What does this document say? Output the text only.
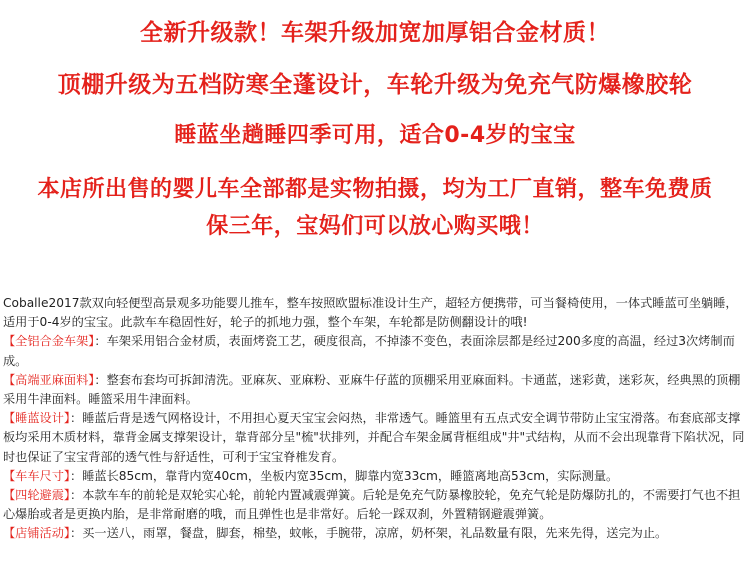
全新升级款！车架升级加宽加厚铝合金材质！
顶棚升级为五档防寒全蓬设计，车轮升级为免充气防爆橡胶轮
睡蓝坐趟睡四季可用，适合0-4岁的宝宝
本店所出售的婴儿车全部都是实物拍摄，均为工厂直销，整车免费质
保三年，宝妈们可以放心购买哦！

Coballe2017款双向轻便型高景观多功能婴儿推车，整车按照欧盟标准设计生产，超轻方便携带，可当餐椅使用，一体式睡蓝可坐躺睡，适用于0-4岁的宝宝。此款车车稳固性好，轮子的抓地力强，整个车架，车轮都是防侧翻设计的哦!

【全铝合金车架】：车架采用铝合金材质，表面烤瓷工艺，硬度很高，不掉漆不变色，表面涂层都是经过200多度的高温，经过3次烤制而成。

【高端亚麻面料】：整套布套均可拆卸清洗。亚麻灰、亚麻粉、亚麻牛仔蓝的顶棚采用亚麻面料。卡通蓝，迷彩黄，迷彩灰，经典黑的顶棚采用牛津面料。睡篮采用牛津面料。

【睡蓝设计】：睡蓝后背是透气网格设计，不用担心夏天宝宝会闷热，非常透气。睡篮里有五点式安全调节带防止宝宝滑落。布套底部支撑板均采用木质材料，靠背金属支撑架设计，靠背部分呈"梳"状排列，并配合车架金属背框组成"井"式结构，从而不会出现靠背下陷状况，同时也保证了宝宝背部的透气性与舒适性，可利于宝宝脊椎发育。

【车车尺寸】：睡蓝长85cm，靠背内宽40cm，坐板内宽35cm，脚靠内宽33cm，睡篮离地高53cm，实际测量。

【四轮避震】：本款车车的前轮是双轮实心轮，前轮内置减震弹簧。后轮是免充气防暴橡胶轮，免充气轮是防爆防扎的，不需要打气也不担心爆胎或者是更换内胎，是非常耐磨的哦，而且弹性也是非常好。后轮一踩双刹，外置精钢避震弹簧。

【店铺活动】：买一送八，雨罩，餐盘，脚套，棉垫，蚊帐，手腕带，凉席，奶杯架，礼品数量有限，先来先得，送完为止。
